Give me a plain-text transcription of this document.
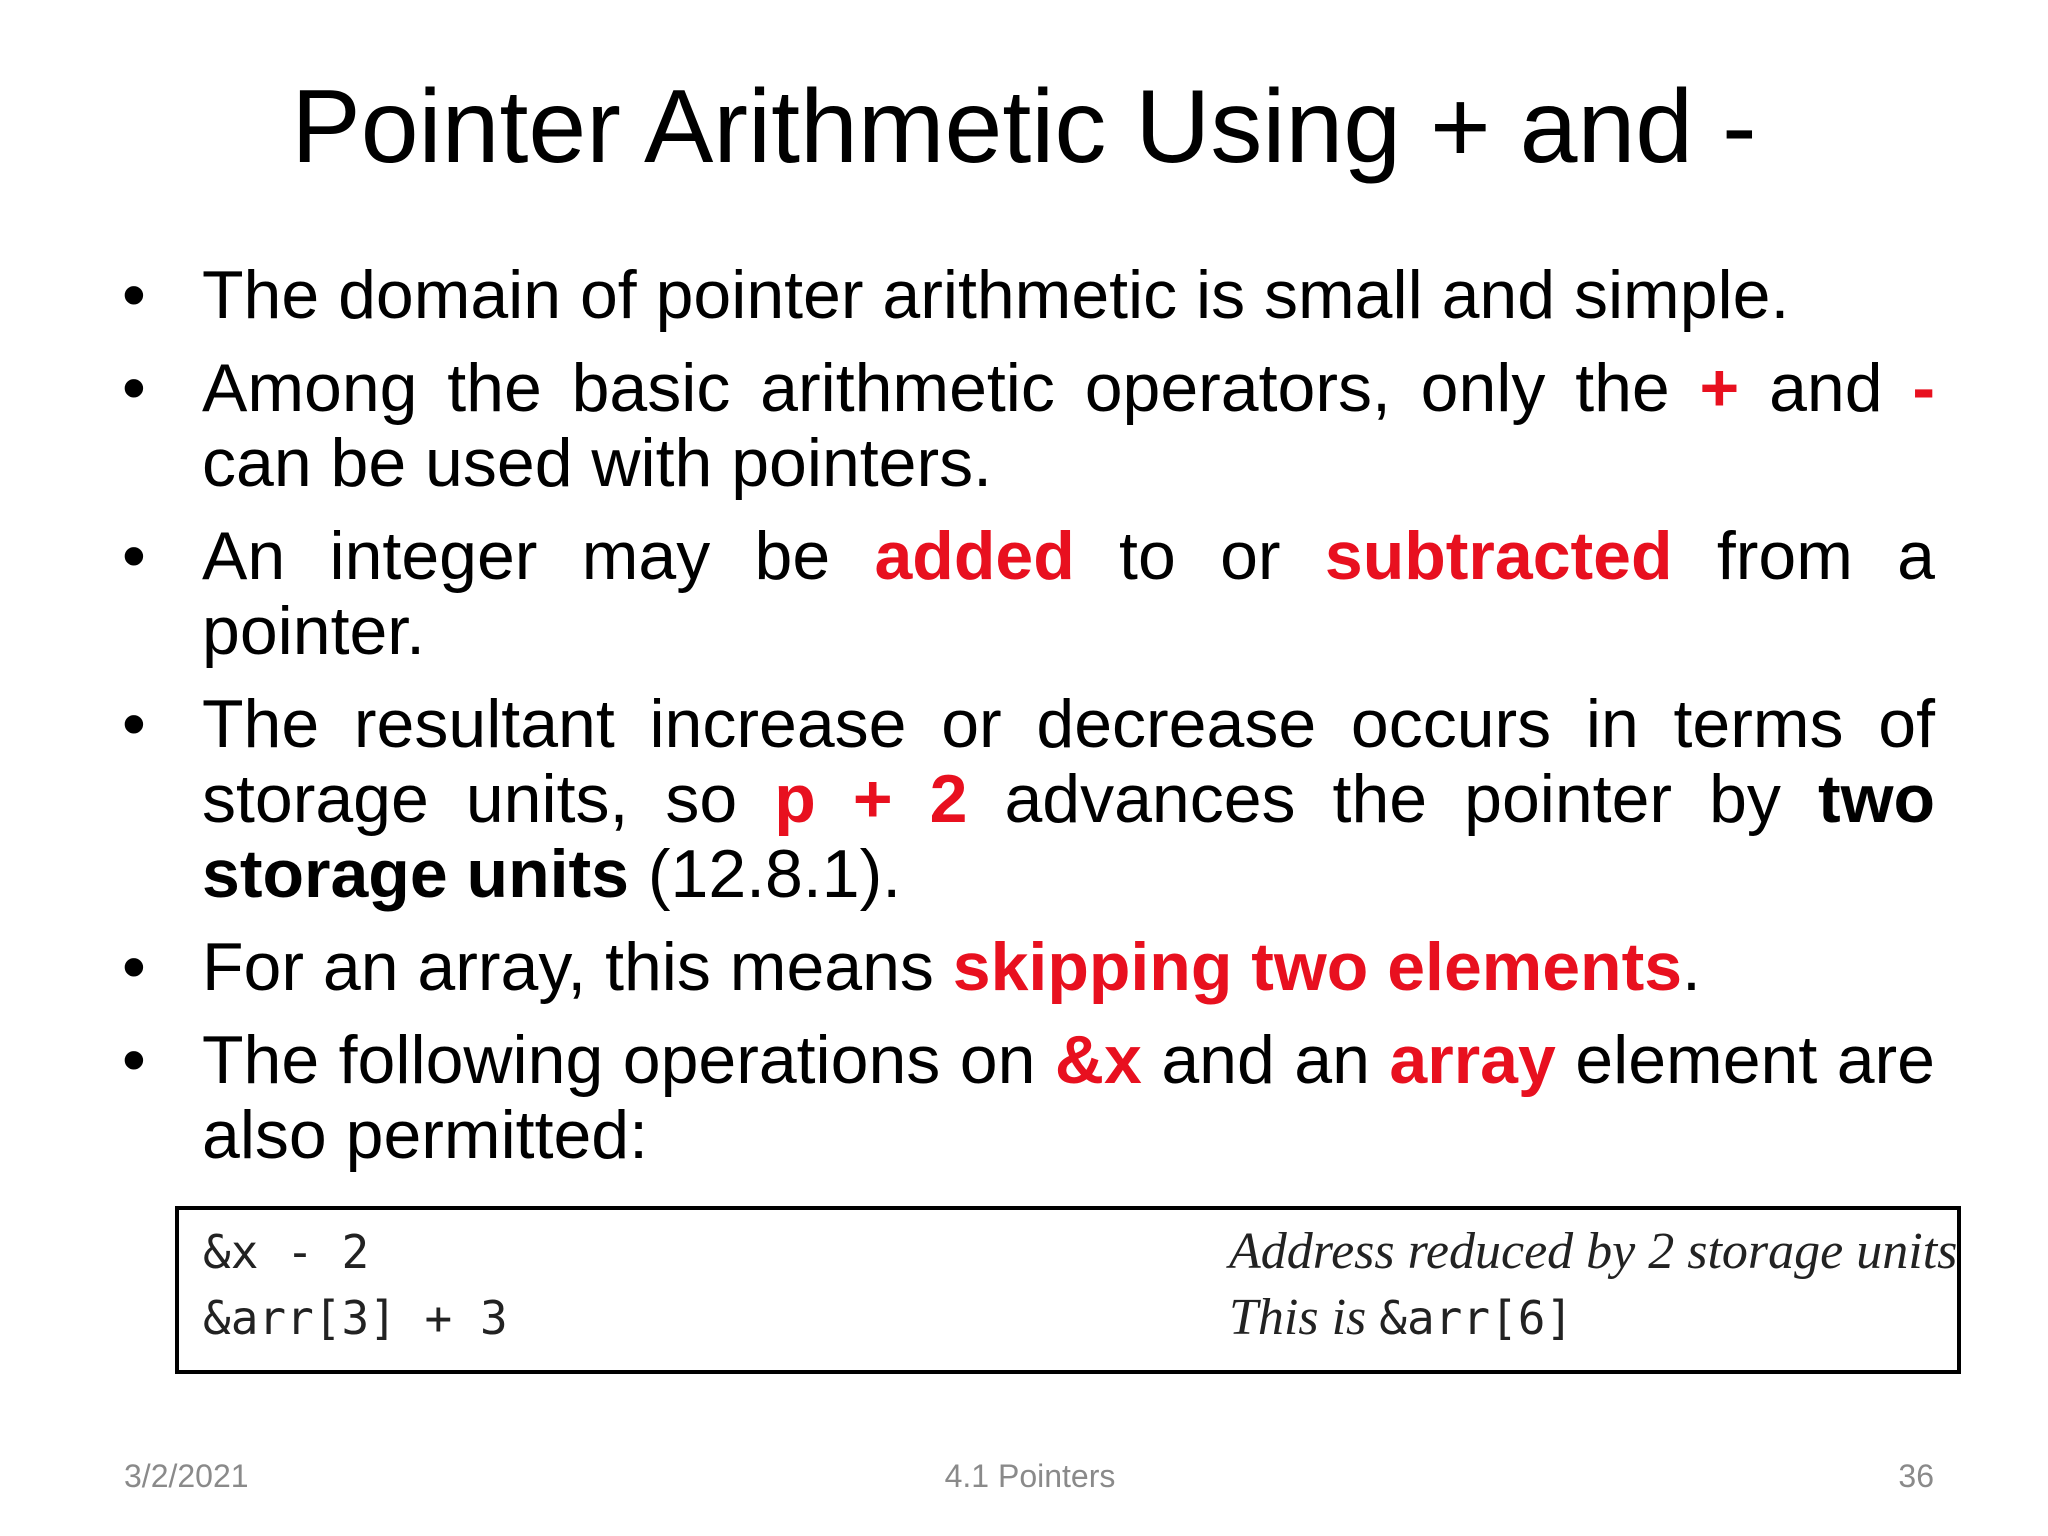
Pointer Arithmetic Using + and -
• The domain of pointer arithmetic is small and simple.
• Among the basic arithmetic operators, only the + and - can be used with pointers.
• An integer may be added to or subtracted from a pointer.
• The resultant increase or decrease occurs in terms of storage units, so p + 2 advances the pointer by two storage units (12.8.1).
• For an array, this means skipping two elements.
• The following operations on &x and an array element are also permitted:
&x - 2	Address reduced by 2 storage units
&arr[3] + 3	This is &arr[6]
3/2/2021	4.1 Pointers	36
